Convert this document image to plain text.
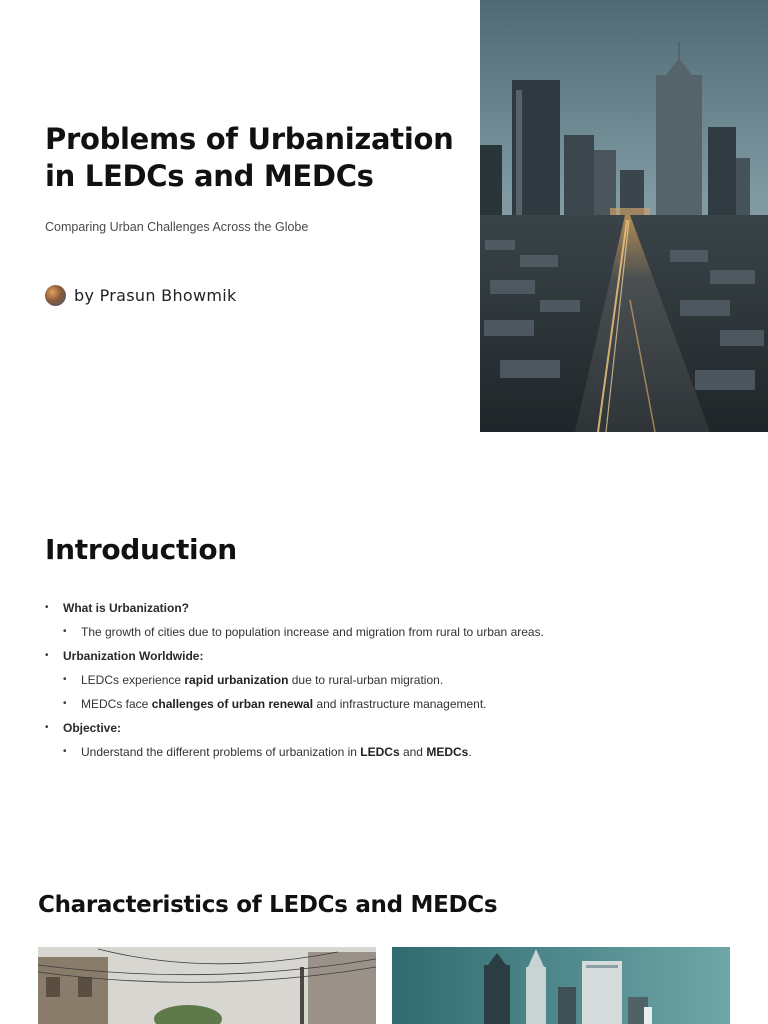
Problems of Urbanization in LEDCs and MEDCs

Comparing Urban Challenges Across the Globe

by Prasun Bhowmik
Introduction
• What is Urbanization?
• The growth of cities due to population increase and migration from rural to urban areas.
• Urbanization Worldwide:
• LEDCs experience rapid urbanization due to rural-urban migration.
• MEDCs face challenges of urban renewal and infrastructure management.
• Objective:
• Understand the different problems of urbanization in LEDCs and MEDCs.
Characteristics of LEDCs and MEDCs
